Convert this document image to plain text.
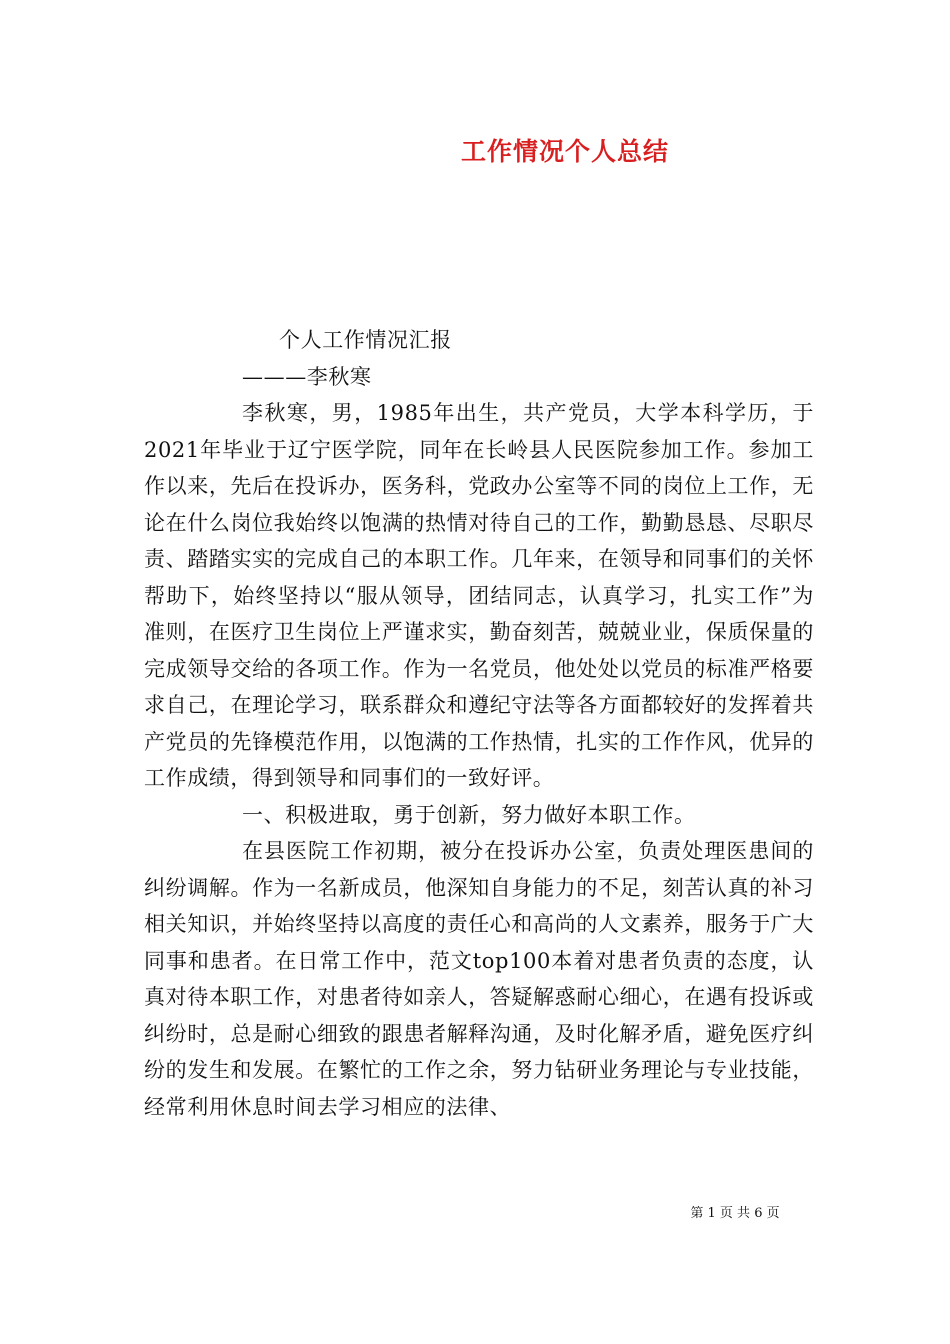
工作情况个人总结

个人工作情况汇报

———李秋寒

李秋寒，男，1985年出生，共产党员，大学本科学历，于2021年毕业于辽宁医学院，同年在长岭县人民医院参加工作。参加工作以来，先后在投诉办，医务科，党政办公室等不同的岗位上工作，无论在什么岗位我始终以饱满的热情对待自己的工作，勤勤恳恳、尽职尽责、踏踏实实的完成自己的本职工作。几年来，在领导和同事们的关怀帮助下，始终坚持以“服从领导，团结同志，认真学习，扎实工作”为准则，在医疗卫生岗位上严谨求实，勤奋刻苦，兢兢业业，保质保量的完成领导交给的各项工作。作为一名党员，他处处以党员的标准严格要求自己，在理论学习，联系群众和遵纪守法等各方面都较好的发挥着共产党员的先锋模范作用，以饱满的工作热情，扎实的工作作风，优异的工作成绩，得到领导和同事们的一致好评。

一、积极进取，勇于创新，努力做好本职工作。

在县医院工作初期，被分在投诉办公室，负责处理医患间的纠纷调解。作为一名新成员，他深知自身能力的不足，刻苦认真的补习相关知识，并始终坚持以高度的责任心和高尚的人文素养，服务于广大同事和患者。在日常工作中，范文top100本着对患者负责的态度，认真对待本职工作，对患者待如亲人，答疑解惑耐心细心，在遇有投诉或纠纷时，总是耐心细致的跟患者解释沟通，及时化解矛盾，避免医疗纠纷的发生和发展。在繁忙的工作之余，努力钻研业务理论与专业技能，经常利用休息时间去学习相应的法律、

第 1 页 共 6 页
